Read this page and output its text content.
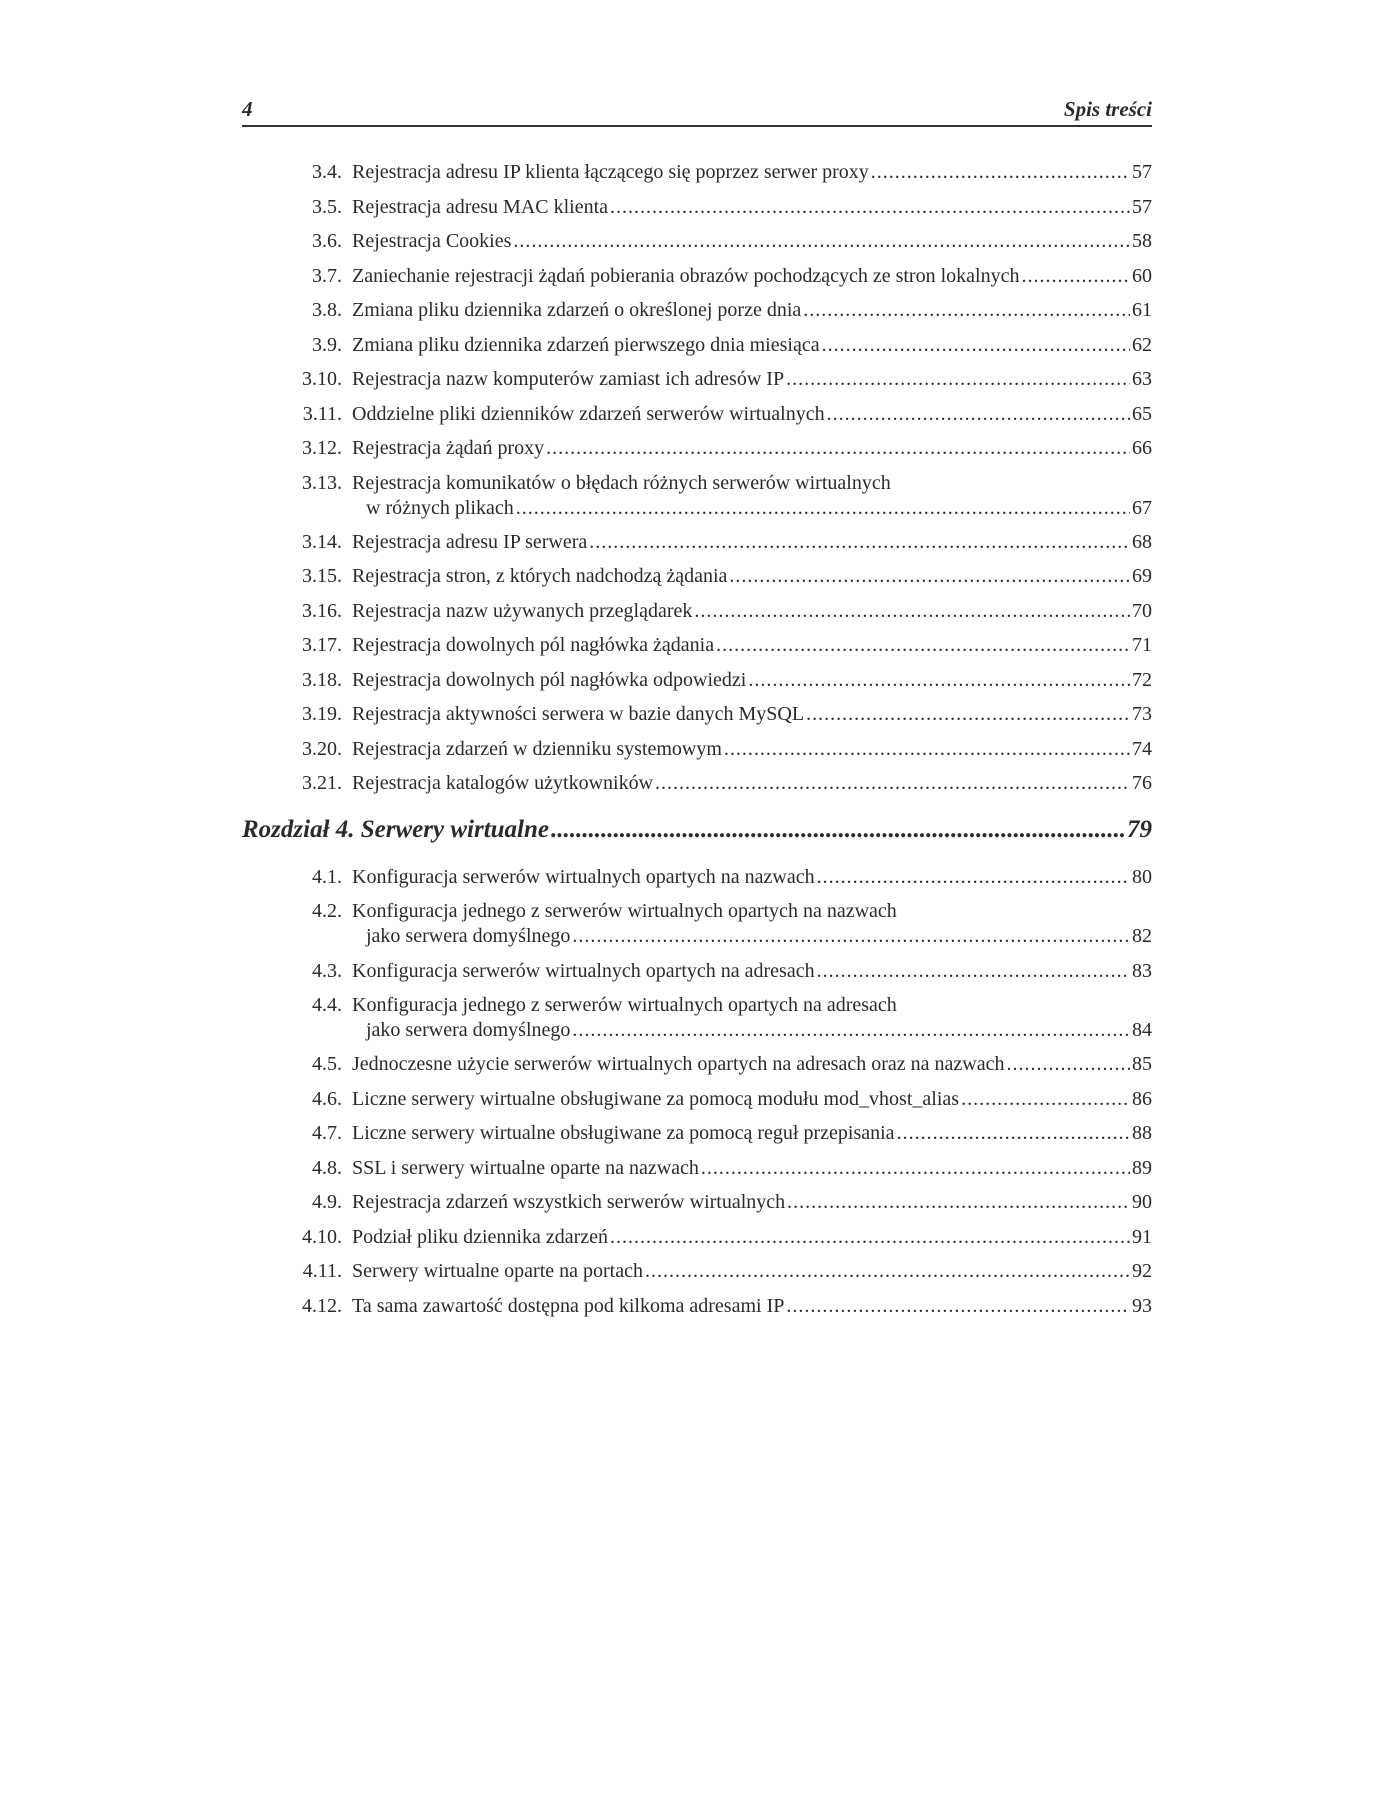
4	Spis treści
3.4. Rejestracja adresu IP klienta łączącego się poprzez serwer proxy .....	57
3.5. Rejestracja adresu MAC klienta .....	57
3.6. Rejestracja Cookies .....	58
3.7. Zaniechanie rejestracji żądań pobierania obrazów pochodzących ze stron lokalnych .....	60
3.8. Zmiana pliku dziennika zdarzeń o określonej porze dnia .....	61
3.9. Zmiana pliku dziennika zdarzeń pierwszego dnia miesiąca .....	62
3.10. Rejestracja nazw komputerów zamiast ich adresów IP .....	63
3.11. Oddzielne pliki dzienników zdarzeń serwerów wirtualnych .....	65
3.12. Rejestracja żądań proxy .....	66
3.13. Rejestracja komunikatów o błędach różnych serwerów wirtualnych
w różnych plikach .....	67
3.14. Rejestracja adresu IP serwera .....	68
3.15. Rejestracja stron, z których nadchodzą żądania .....	69
3.16. Rejestracja nazw używanych przeglądarek .....	70
3.17. Rejestracja dowolnych pól nagłówka żądania .....	71
3.18. Rejestracja dowolnych pól nagłówka odpowiedzi .....	72
3.19. Rejestracja aktywności serwera w bazie danych MySQL .....	73
3.20. Rejestracja zdarzeń w dzienniku systemowym .....	74
3.21. Rejestracja katalogów użytkowników .....	76
Rozdział 4. Serwery wirtualne .....	79
4.1. Konfiguracja serwerów wirtualnych opartych na nazwach .....	80
4.2. Konfiguracja jednego z serwerów wirtualnych opartych na nazwach
jako serwera domyślnego .....	82
4.3. Konfiguracja serwerów wirtualnych opartych na adresach .....	83
4.4. Konfiguracja jednego z serwerów wirtualnych opartych na adresach
jako serwera domyślnego .....	84
4.5. Jednoczesne użycie serwerów wirtualnych opartych na adresach oraz na nazwach .....	85
4.6. Liczne serwery wirtualne obsługiwane za pomocą modułu mod_vhost_alias .....	86
4.7. Liczne serwery wirtualne obsługiwane za pomocą reguł przepisania .....	88
4.8. SSL i serwery wirtualne oparte na nazwach .....	89
4.9. Rejestracja zdarzeń wszystkich serwerów wirtualnych .....	90
4.10. Podział pliku dziennika zdarzeń .....	91
4.11. Serwery wirtualne oparte na portach .....	92
4.12. Ta sama zawartość dostępna pod kilkoma adresami IP .....	93
